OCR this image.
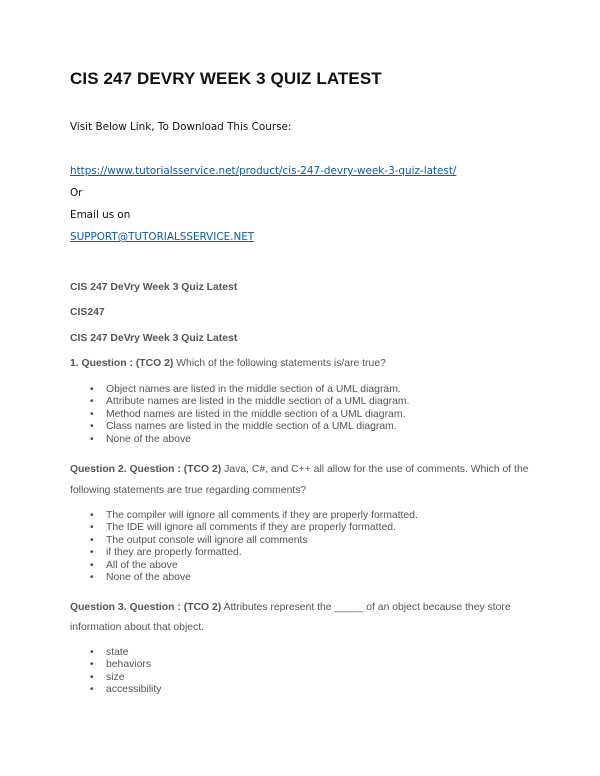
CIS 247 DEVRY WEEK 3 QUIZ LATEST
Visit Below Link, To Download This Course:
https://www.tutorialsservice.net/product/cis-247-devry-week-3-quiz-latest/
Or
Email us on
SUPPORT@TUTORIALSSERVICE.NET
CIS 247 DeVry Week 3 Quiz Latest
CIS247
CIS 247 DeVry Week 3 Quiz Latest
1. Question : (TCO 2) Which of the following statements is/are true?
• Object names are listed in the middle section of a UML diagram.
• Attribute names are listed in the middle section of a UML diagram.
• Method names are listed in the middle section of a UML diagram.
• Class names are listed in the middle section of a UML diagram.
• None of the above
Question 2. Question : (TCO 2) Java, C#, and C++ all allow for the use of comments. Which of the
following statements are true regarding comments?
• The compiler will ignore all comments if they are properly formatted.
• The IDE will ignore all comments if they are properly formatted.
• The output console will ignore all comments
• if they are properly formatted.
• All of the above
• None of the above
Question 3. Question : (TCO 2) Attributes represent the _____ of an object because they store
information about that object.
• state
• behaviors
• size
• accessibility
